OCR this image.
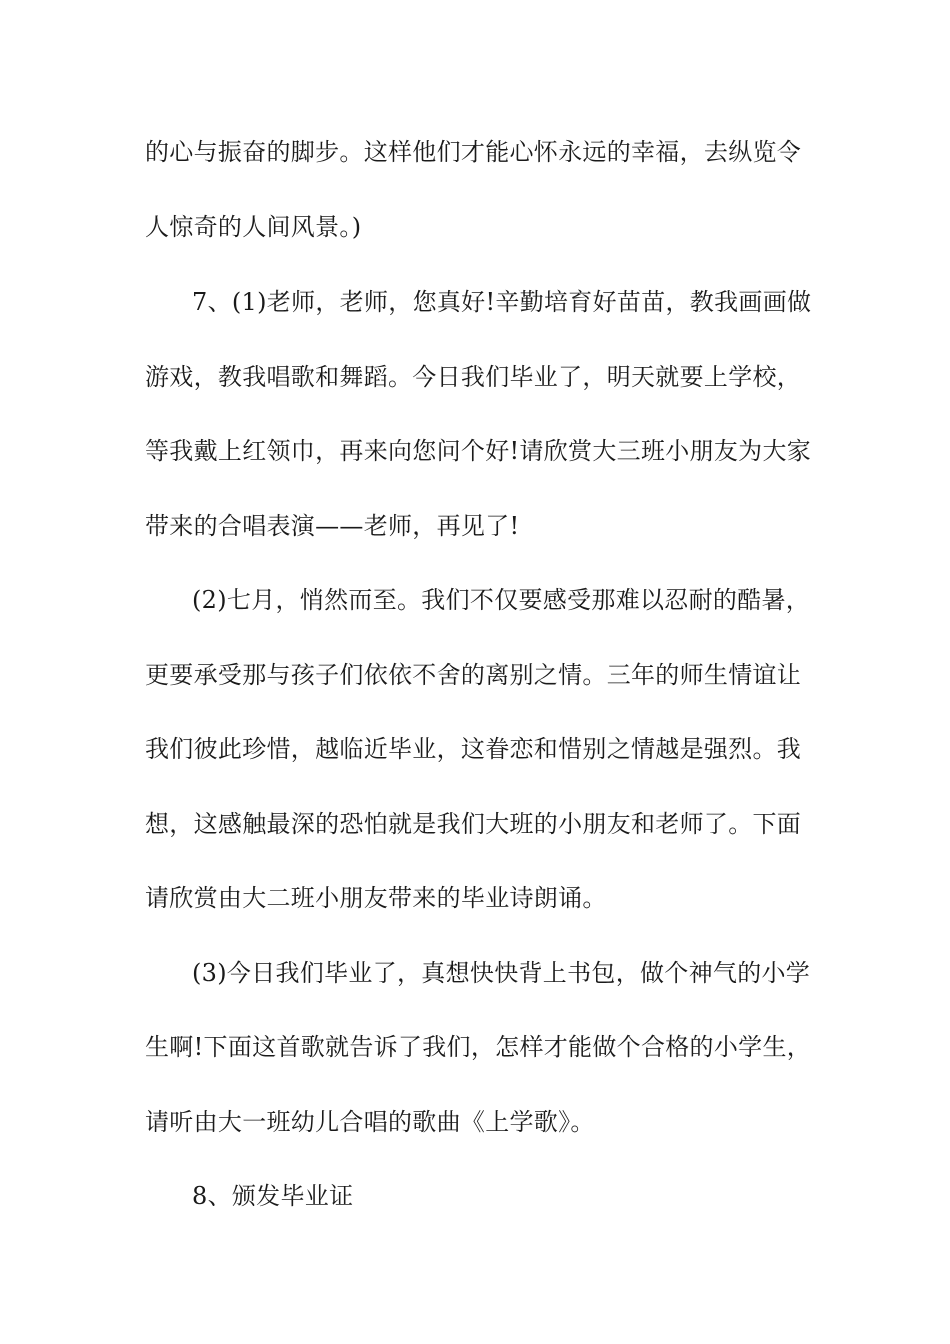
的心与振奋的脚步。这样他们才能心怀永远的幸福，去纵览令
人惊奇的人间风景。)
7、(1)老师，老师，您真好!辛勤培育好苗苗，教我画画做
游戏，教我唱歌和舞蹈。今日我们毕业了，明天就要上学校，
等我戴上红领巾，再来向您问个好!请欣赏大三班小朋友为大家
带来的合唱表演——老师，再见了!
(2)七月，悄然而至。我们不仅要感受那难以忍耐的酷暑，
更要承受那与孩子们依依不舍的离别之情。三年的师生情谊让
我们彼此珍惜，越临近毕业，这眷恋和惜别之情越是强烈。我
想，这感触最深的恐怕就是我们大班的小朋友和老师了。下面
请欣赏由大二班小朋友带来的毕业诗朗诵。
(3)今日我们毕业了，真想快快背上书包，做个神气的小学
生啊!下面这首歌就告诉了我们，怎样才能做个合格的小学生，
请听由大一班幼儿合唱的歌曲《上学歌》。
8、颁发毕业证
